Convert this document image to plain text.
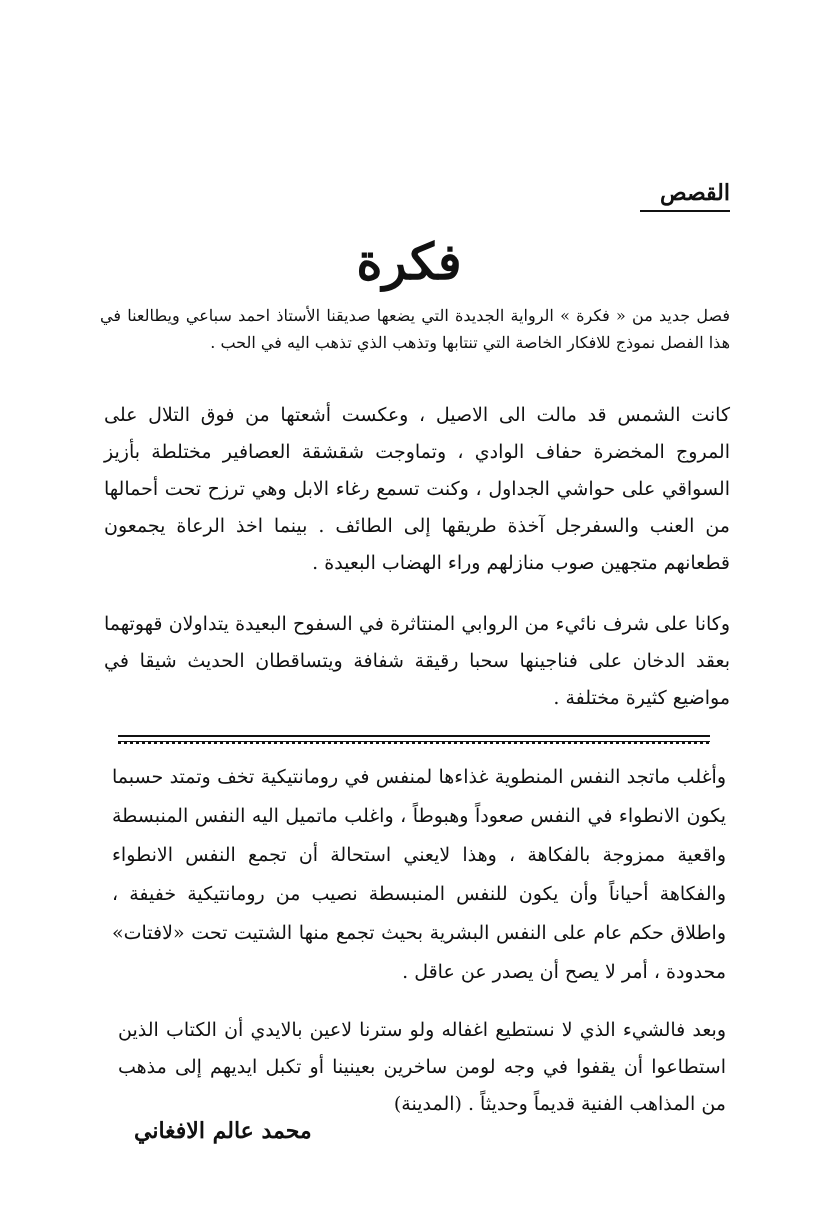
القصص
فكرة

فصل جديد من « فكرة » الرواية الجديدة التي يضعها صديقنا الأستاذ احمد سباعي ويطالعنا في هذا الفصل نموذج للافكار الخاصة التي تنتابها وتذهب الذي تذهب اليه في الحب .

كانت الشمس قد مالت الى الاصيل ، وعكست أشعتها من فوق التلال على المروج المخضرة حفاف الوادي ، وتماوجت شقشقة العصافير مختلطة بأزيز السواقي على حواشي الجداول ، وكنت تسمع رغاء الابل وهي ترزح تحت أحمالها من العنب والسفرجل آخذة طريقها إلى الطائف . بينما اخذ الرعاة يجمعون قطعانهم متجهين صوب منازلهم وراء الهضاب البعيدة .

وكانا على شرف نائيء من الروابي المنتاثرة في السفوح البعيدة يتداولان قهوتهما بعقد الدخان على فناجينها سحبا رقيقة شفافة ويتساقطان الحديث شيقا في مواضيع كثيرة مختلفة .

وأغلب ماتجد النفس المنطوية غذاءها لمنفس في رومانتيكية تخف وتمتد حسبما يكون الانطواء في النفس صعوداً وهبوطاً ، واغلب ماتميل اليه النفس المنبسطة واقعية ممزوجة بالفكاهة ، وهذا لايعني استحالة أن تجمع النفس الانطواء والفكاهة أحياناً وأن يكون للنفس المنبسطة نصيب من رومانتيكية خفيفة ، واطلاق حكم عام على النفس البشرية بحيث تجمع منها الشتيت تحت «لافتات» محدودة ، أمر لا يصح أن يصدر عن عاقل .

وبعد فالشيء الذي لا نستطيع اغفاله ولو سترنا لاعين بالايدي أن الكتاب الذين استطاعوا أن يقفوا في وجه لومن ساخرين بعينينا أو تكبل ايديهم إلى مذهب من المذاهب الفنية قديماً وحديثاً . (المدينة)

محمد عالم الافغاني
